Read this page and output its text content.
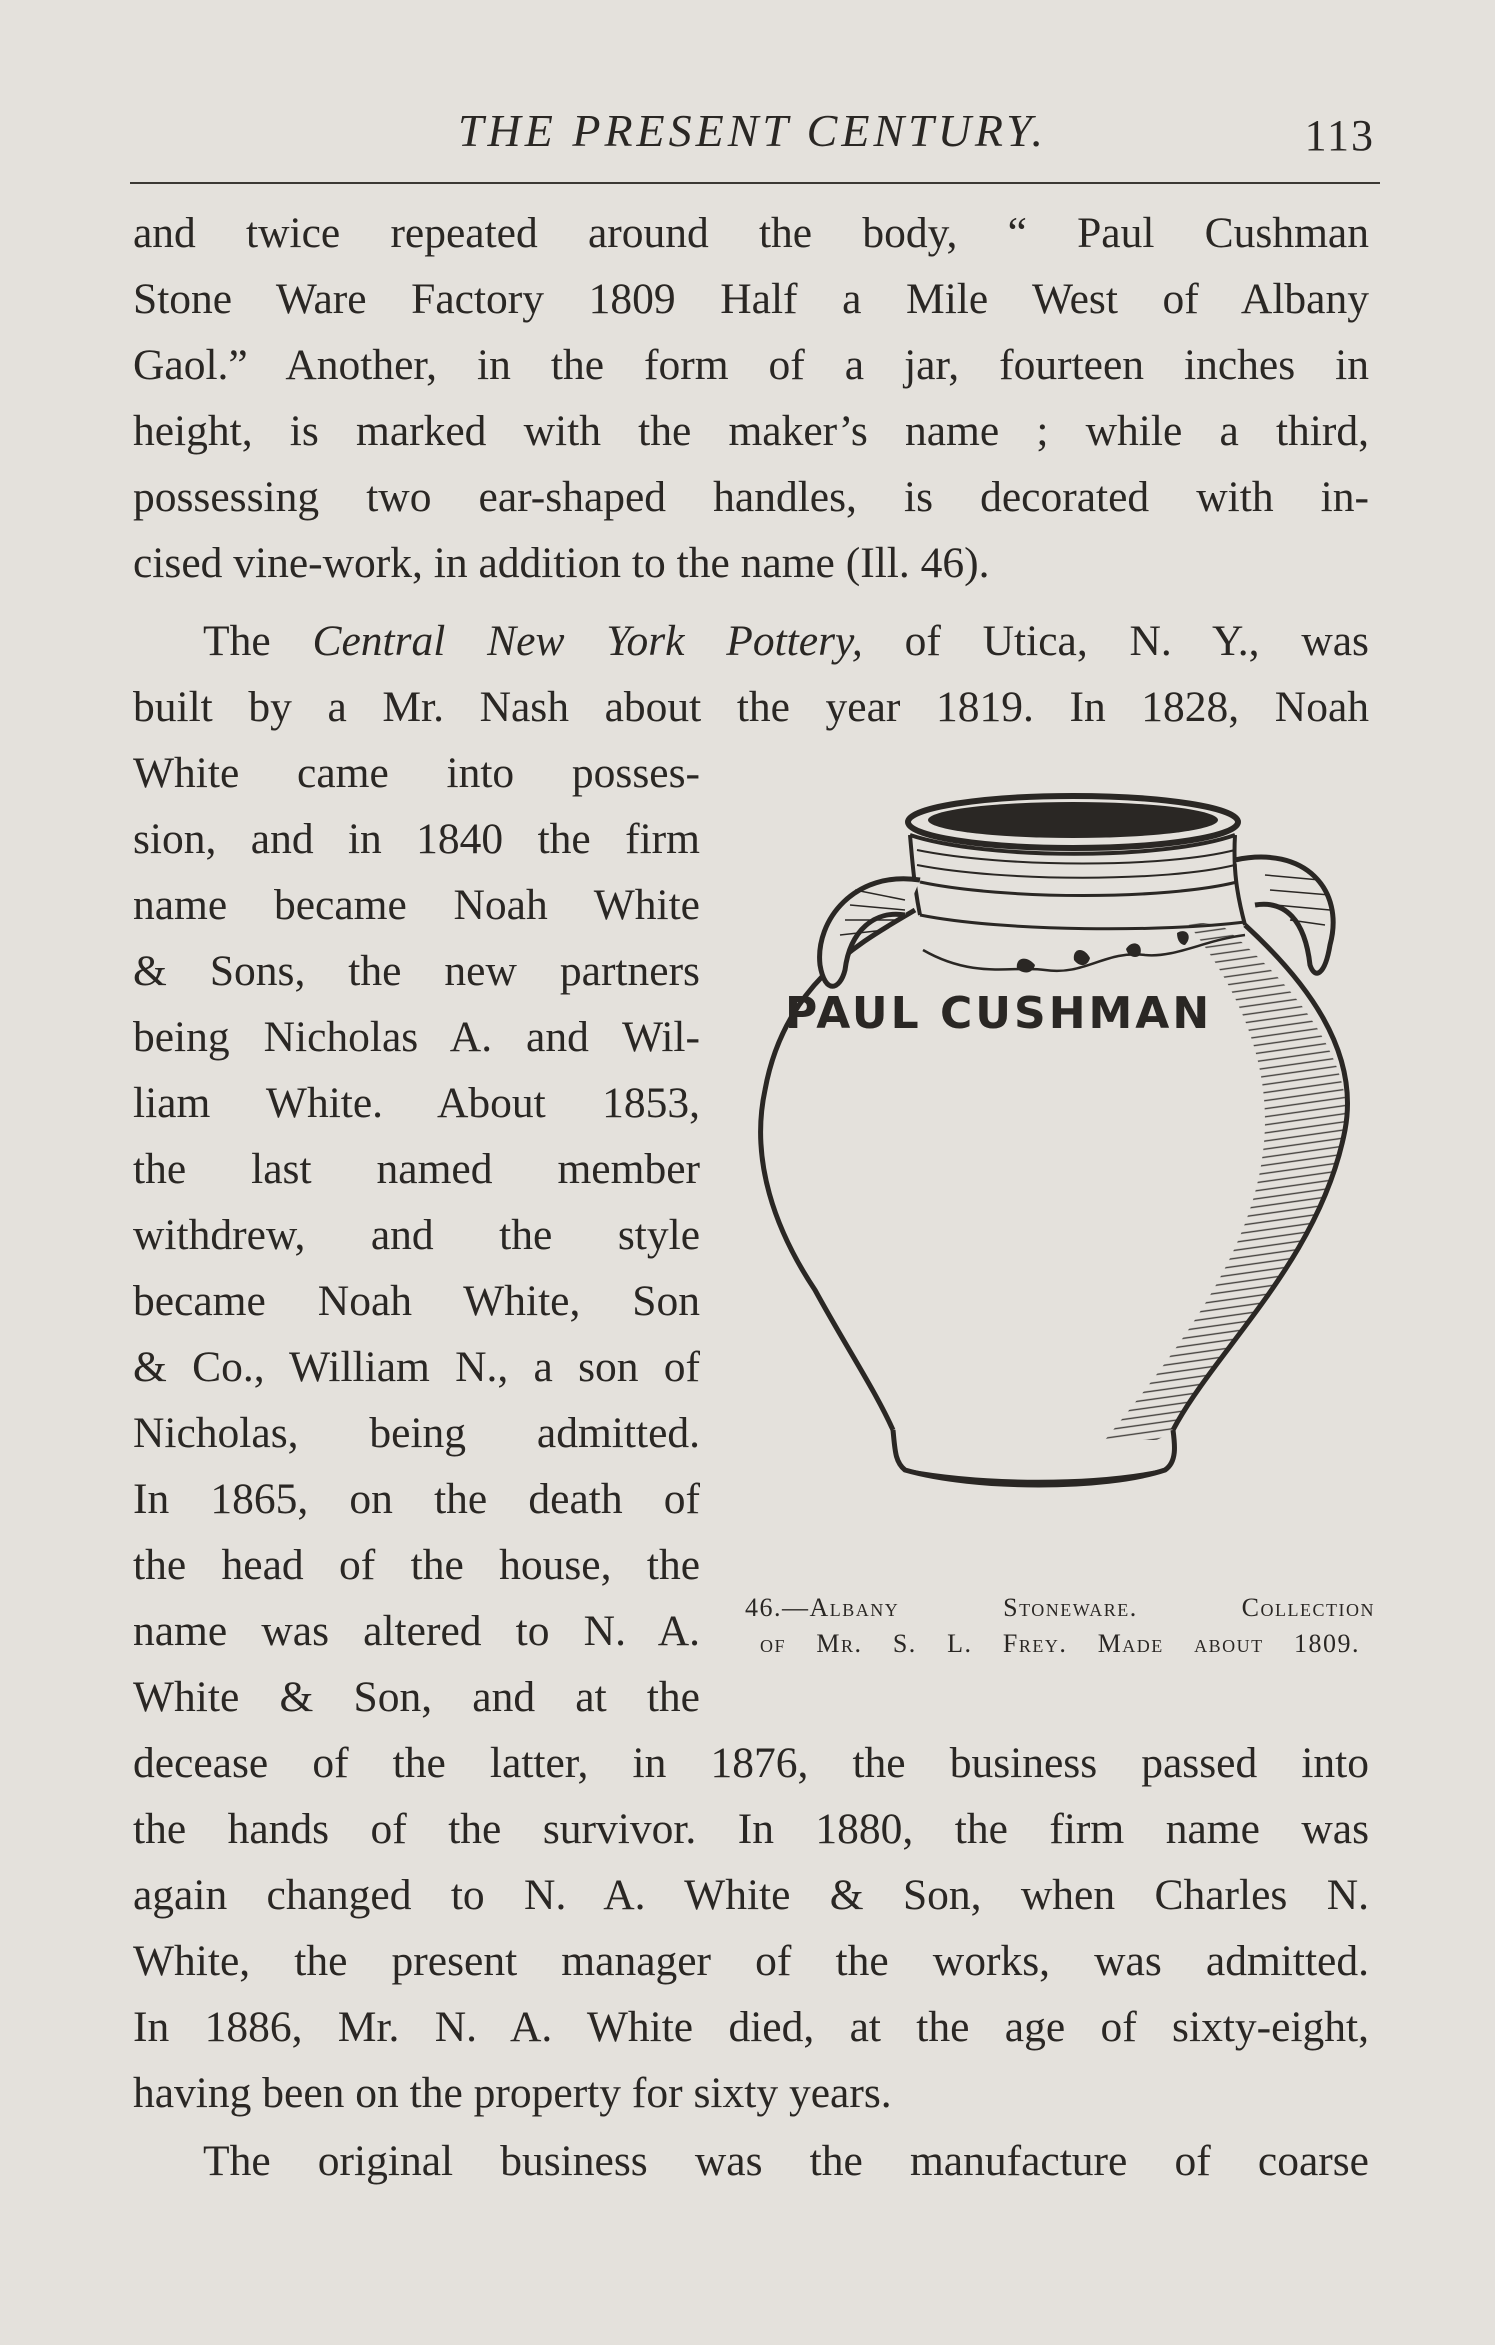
THE PRESENT CENTURY.	113
and twice repeated around the body, “ Paul Cushman
Stone Ware Factory 1809 Half a Mile West of Albany
Gaol.” Another, in the form of a jar, fourteen inches in
height, is marked with the maker’s name ; while a third,
possessing two ear-shaped handles, is decorated with in-
cised vine-work, in addition to the name (Ill. 46).
The Central New York Pottery, of Utica, N. Y., was
built by a Mr. Nash about the year 1819. In 1828, Noah
White came into posses-
sion, and in 1840 the firm
name became Noah White
& Sons, the new partners
being Nicholas A. and Wil-
liam White. About 1853,
the last named member
withdrew, and the style
became Noah White, Son
& Co., William N., a son of
Nicholas, being admitted.
In 1865, on the death of
the head of the house, the
name was altered to N. A.
White & Son, and at the
decease of the latter, in 1876, the business passed into
the hands of the survivor. In 1880, the firm name was
again changed to N. A. White & Son, when Charles N.
White, the present manager of the works, was admitted.
In 1886, Mr. N. A. White died, at the age of sixty-eight,
having been on the property for sixty years.
The original business was the manufacture of coarse
PAUL CUSHMAN
46.—Albany Stoneware. Collection
of Mr. S. L. Frey. Made about 1809.
